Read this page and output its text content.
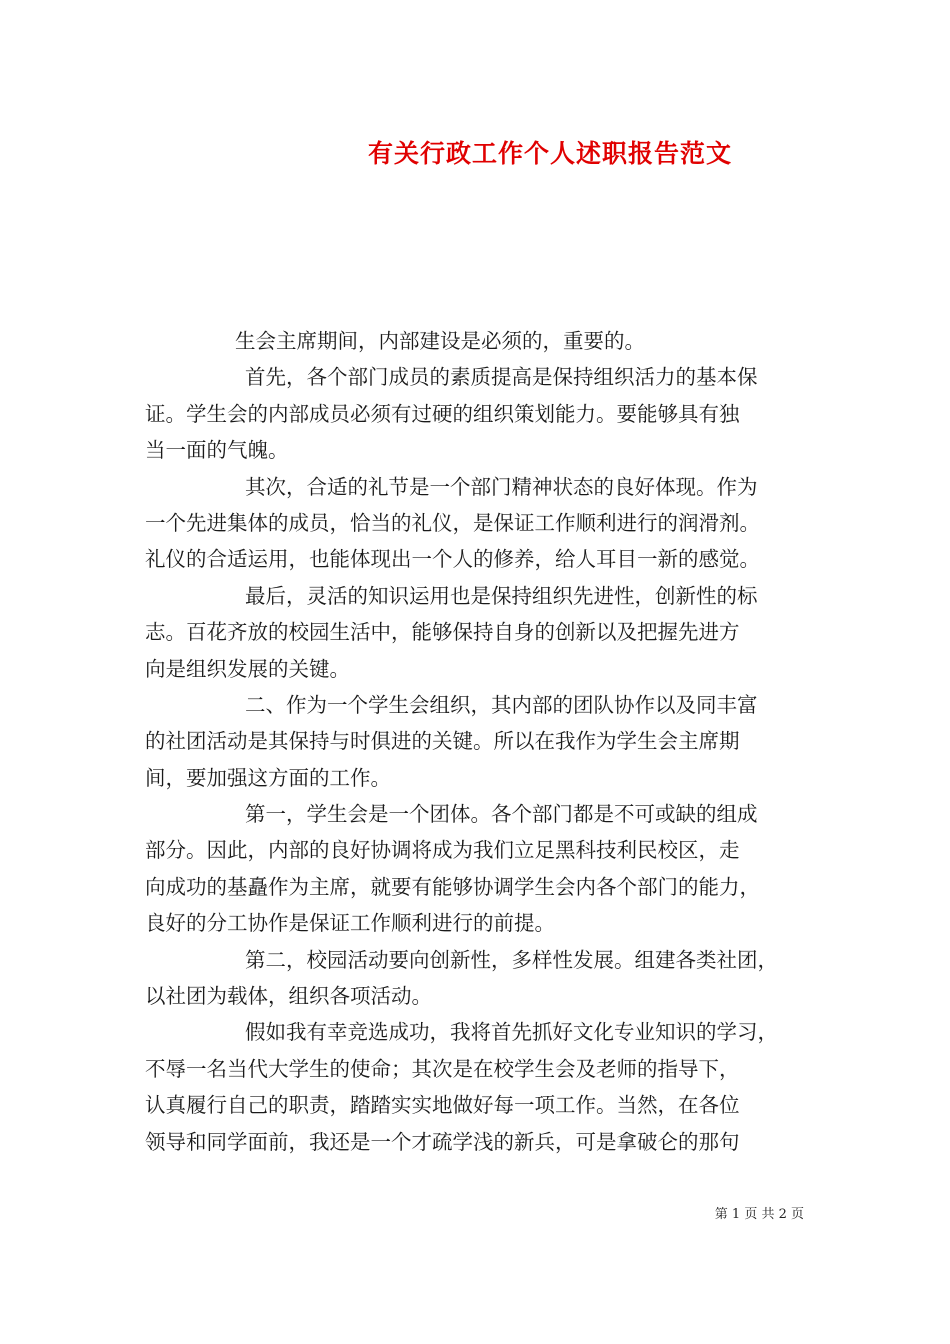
有关行政工作个人述职报告范文
生会主席期间，内部建设是必须的，重要的。
首先，各个部门成员的素质提高是保持组织活力的基本保
证。学生会的内部成员必须有过硬的组织策划能力。要能够具有独
当一面的气魄。
其次，合适的礼节是一个部门精神状态的良好体现。作为
一个先进集体的成员，恰当的礼仪，是保证工作顺利进行的润滑剂。
礼仪的合适运用，也能体现出一个人的修养，给人耳目一新的感觉。
最后，灵活的知识运用也是保持组织先进性，创新性的标
志。百花齐放的校园生活中，能够保持自身的创新以及把握先进方
向是组织发展的关键。
二、作为一个学生会组织，其内部的团队协作以及同丰富
的社团活动是其保持与时俱进的关键。所以在我作为学生会主席期
间，要加强这方面的工作。
第一，学生会是一个团体。各个部门都是不可或缺的组成
部分。因此，内部的良好协调将成为我们立足黑科技利民校区，走
向成功的基矗作为主席，就要有能够协调学生会内各个部门的能力，
良好的分工协作是保证工作顺利进行的前提。
第二，校园活动要向创新性，多样性发展。组建各类社团，
以社团为载体，组织各项活动。
假如我有幸竞选成功，我将首先抓好文化专业知识的学习，
不辱一名当代大学生的使命；其次是在校学生会及老师的指导下，
认真履行自己的职责，踏踏实实地做好每一项工作。当然，在各位
领导和同学面前，我还是一个才疏学浅的新兵，可是拿破仑的那句
第 1 页 共 2 页
